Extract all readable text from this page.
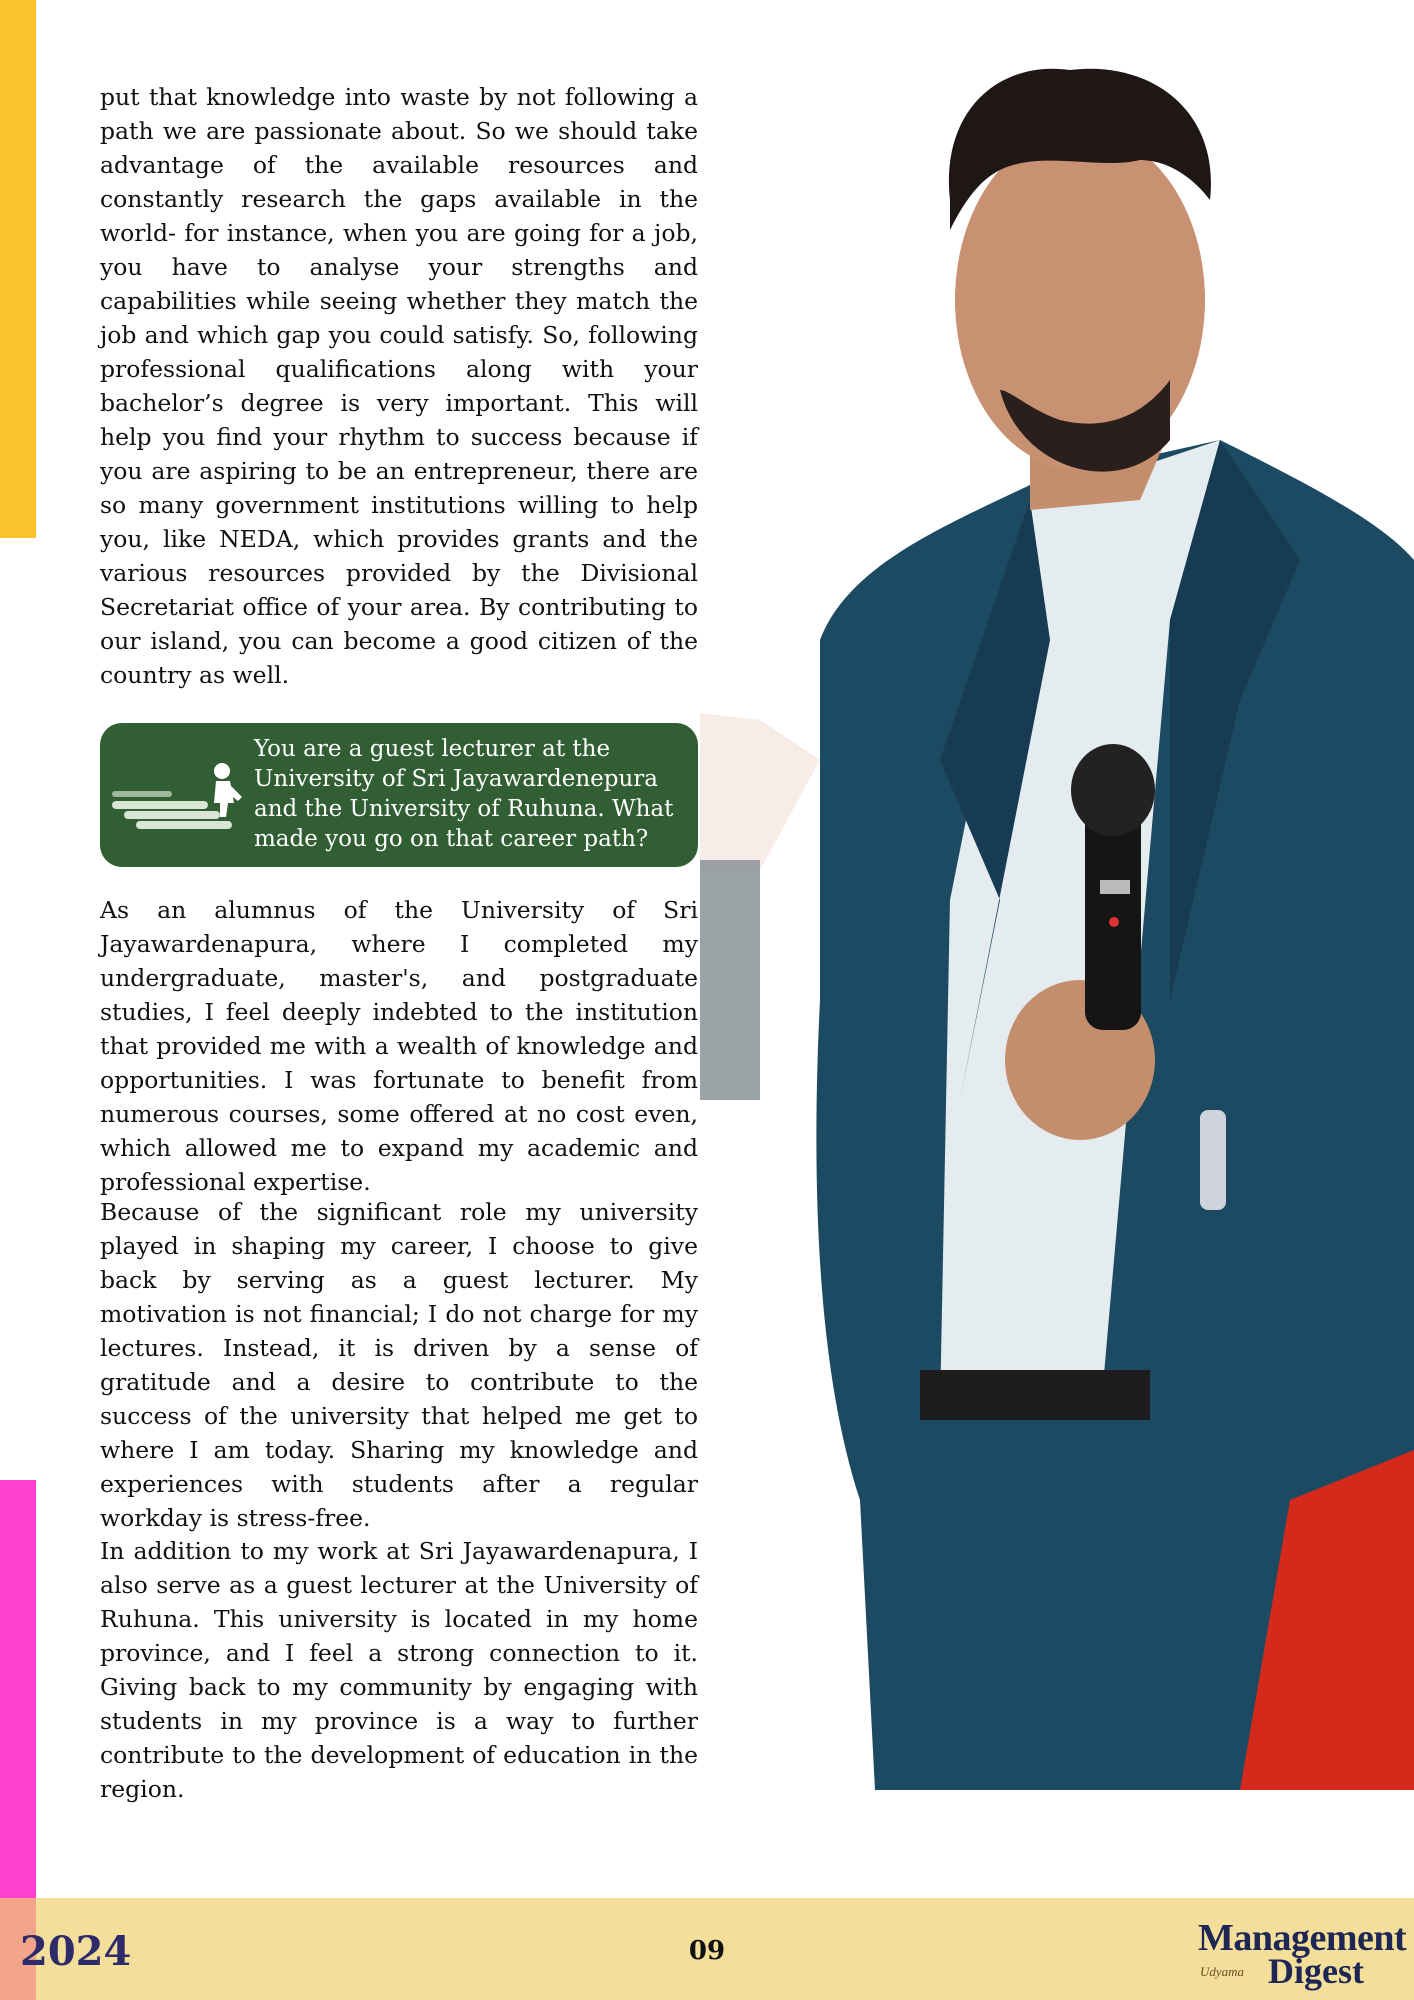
put that knowledge into waste by not following a path we are passionate about. So we should take advantage of the available resources and constantly research the gaps available in the world- for instance, when you are going for a job, you have to analyse your strengths and capabilities while seeing whether they match the job and which gap you could satisfy. So, following professional qualifications along with your bachelor’s degree is very important. This will help you find your rhythm to success because if you are aspiring to be an entrepreneur, there are so many government institutions willing to help you, like NEDA, which provides grants and the various resources provided by the Divisional Secretariat office of your area. By contributing to our island, you can become a good citizen of the country as well.

You are a guest lecturer at the University of Sri Jayawardenepura and the University of Ruhuna. What made you go on that career path?

As an alumnus of the University of Sri Jayawardenapura, where I completed my undergraduate, master's, and postgraduate studies, I feel deeply indebted to the institution that provided me with a wealth of knowledge and opportunities. I was fortunate to benefit from numerous courses, some offered at no cost even, which allowed me to expand my academic and professional expertise.

Because of the significant role my university played in shaping my career, I choose to give back by serving as a guest lecturer. My motivation is not financial; I do not charge for my lectures. Instead, it is driven by a sense of gratitude and a desire to contribute to the success of the university that helped me get to where I am today. Sharing my knowledge and experiences with students after a regular workday is stress-free.

In addition to my work at Sri Jayawardenapura, I also serve as a guest lecturer at the University of Ruhuna. This university is located in my home province, and I feel a strong connection to it. Giving back to my community by engaging with students in my province is a way to further contribute to the development of education in the region.

2024	09	Management
Udyama Digest
